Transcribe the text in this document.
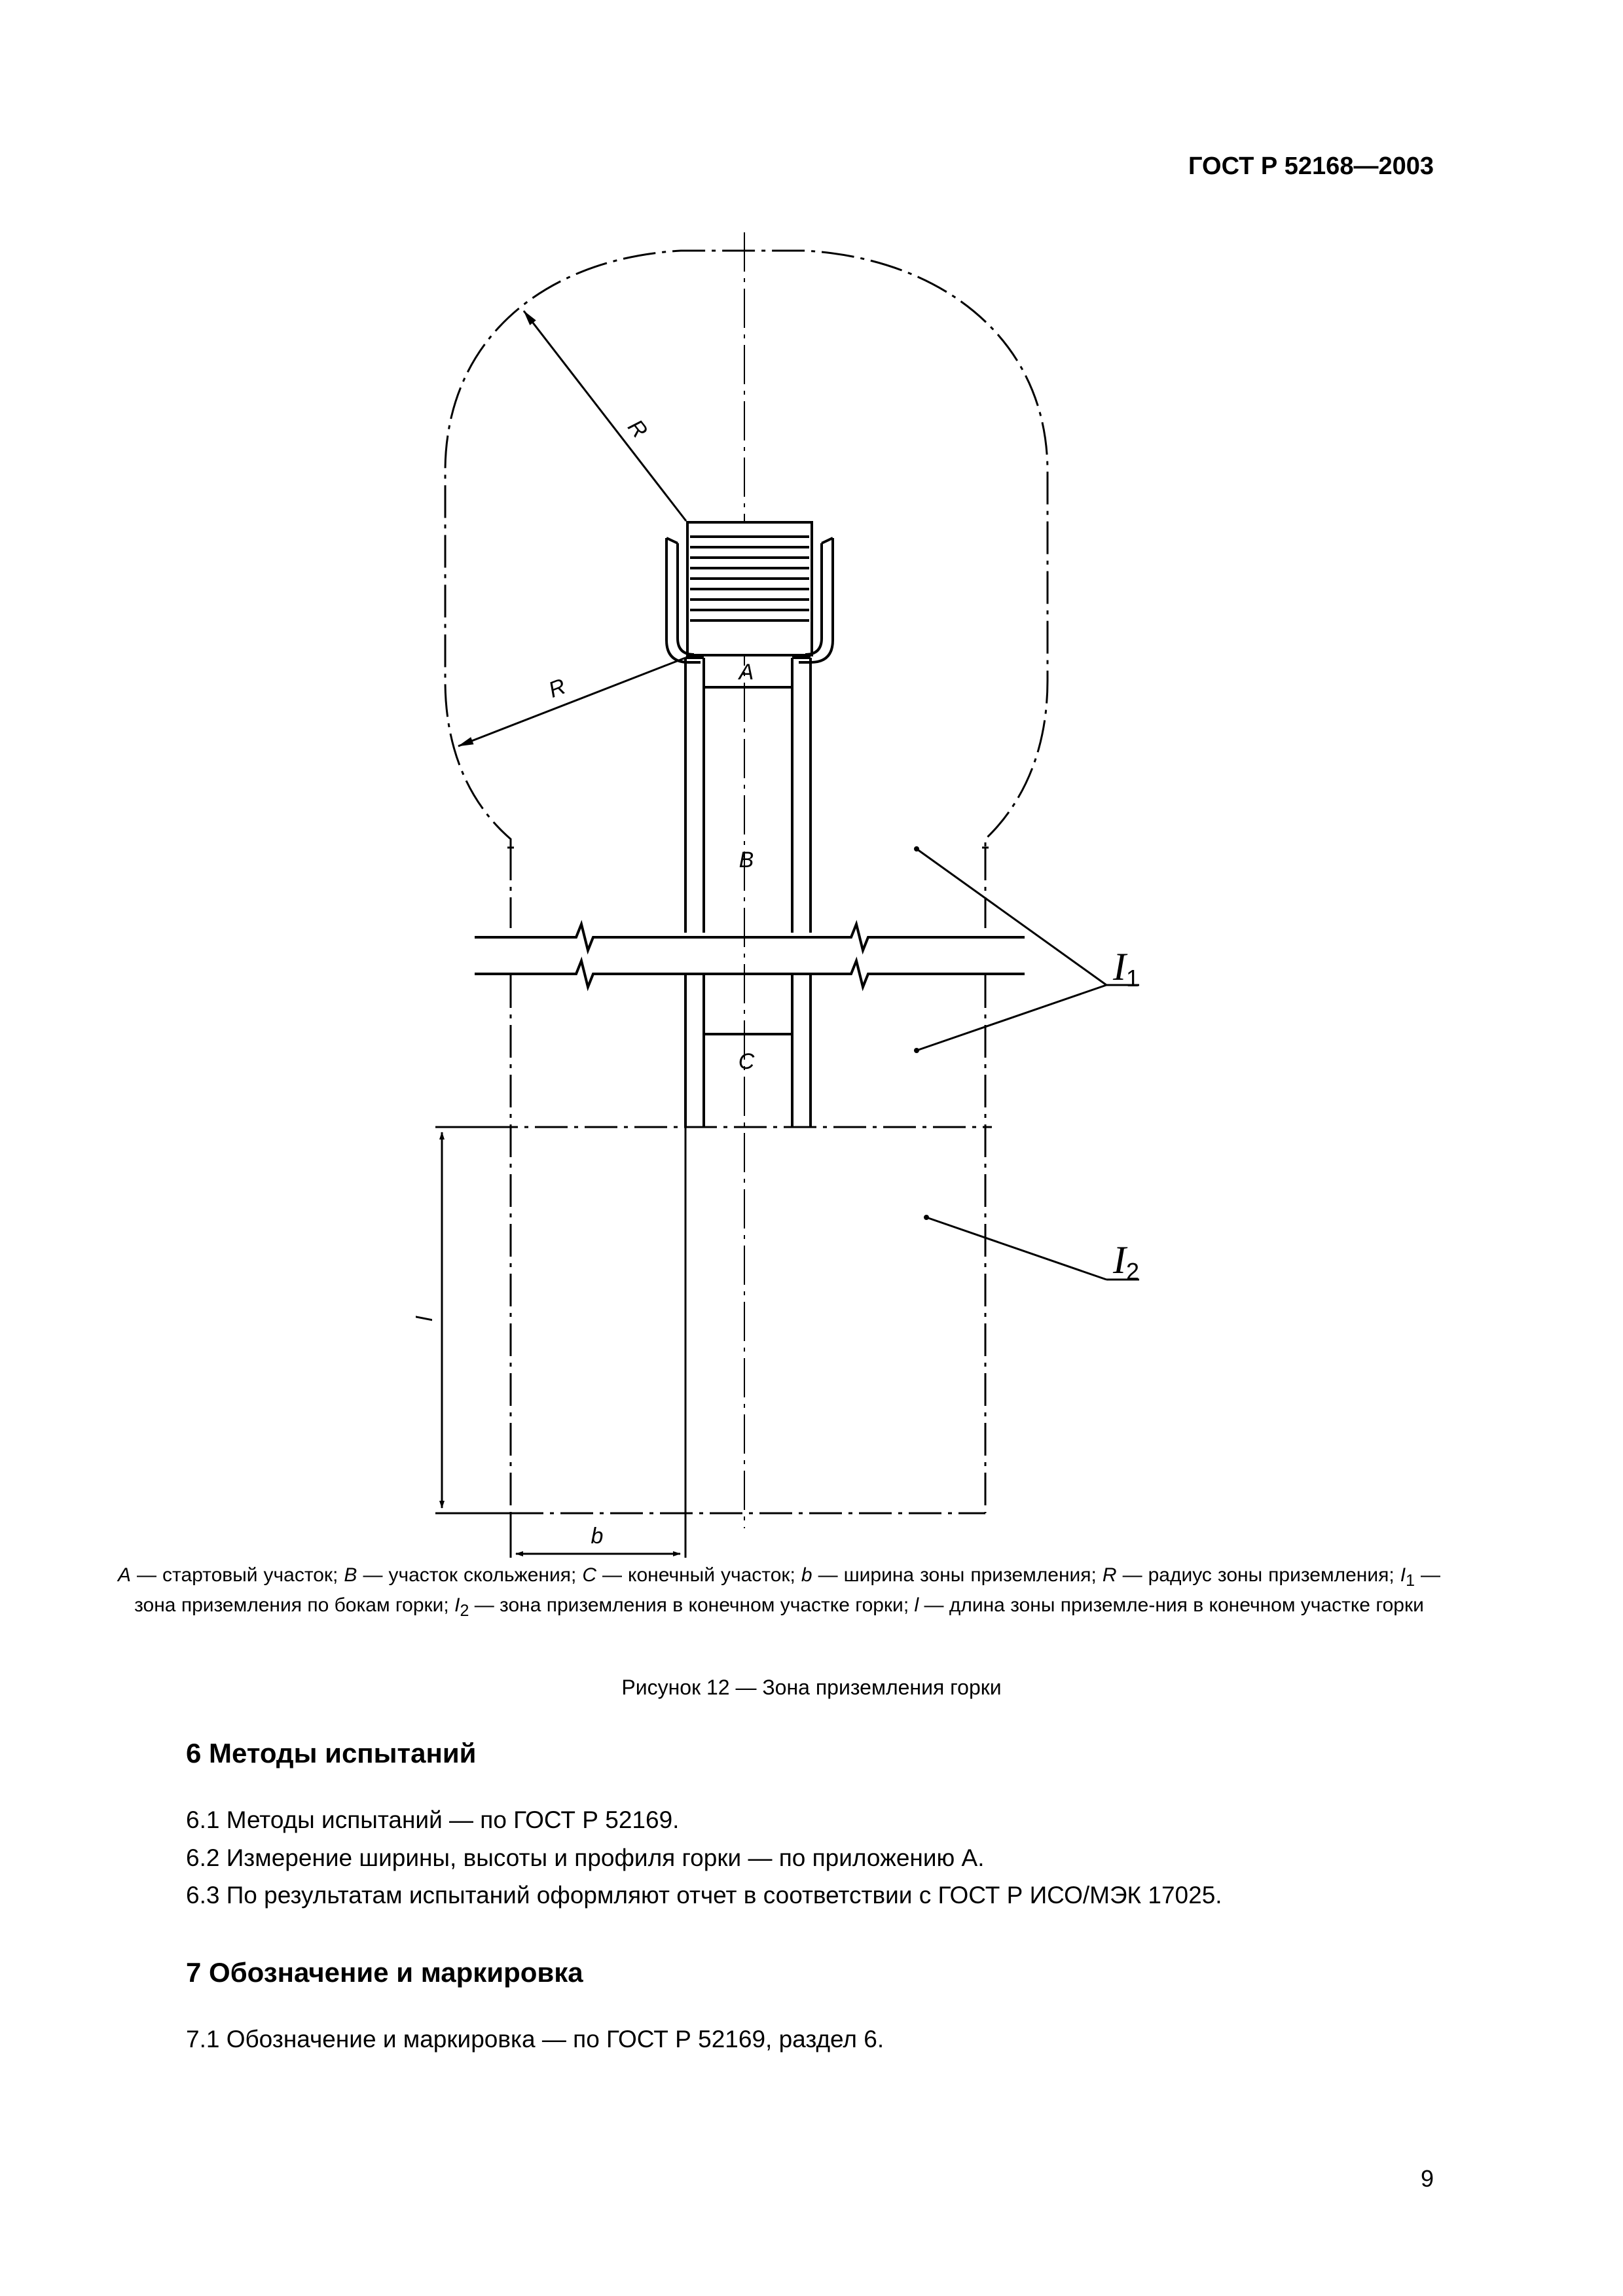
ГОСТ Р 52168—2003
A
B
C
R
R
l
b
I1
I2
A — стартовый участок; B — участок скольжения; C — конечный участок; b — ширина зоны приземления; R — радиус зоны приземления; $I_1$ — зона приземления по бокам горки; $I_2$ — зона приземления в конечном участке горки; l — длина зоны приземле-ния в конечном участке горки
Рисунок 12 — Зона приземления горки
6 Методы испытаний
6.1 Методы испытаний — по ГОСТ Р 52169.
6.2 Измерение ширины, высоты и профиля горки — по приложению А.
6.3 По результатам испытаний оформляют отчет в соответствии с ГОСТ Р ИСО/МЭК 17025.
7 Обозначение и маркировка
7.1 Обозначение и маркировка — по ГОСТ Р 52169, раздел 6.
9
